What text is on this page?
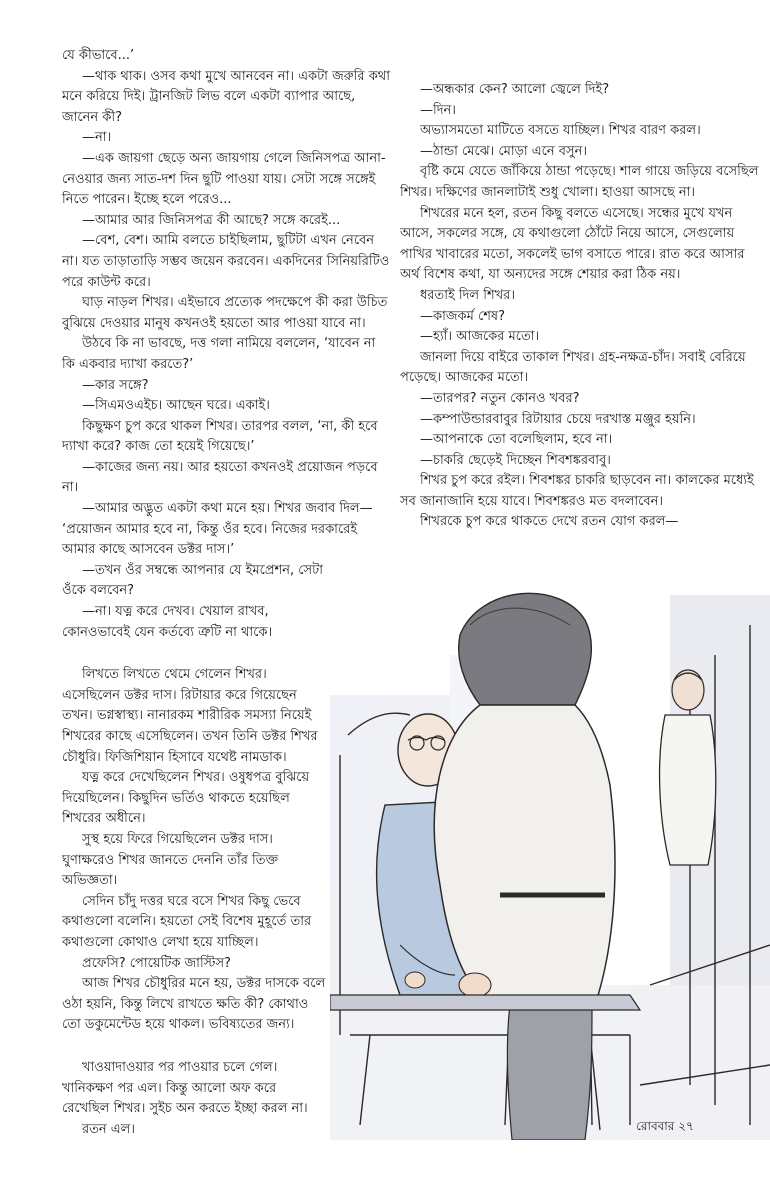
যে কীভাবে...’

—থাক থাক। ওসব কথা মুখে আনবেন না। একটা জরুরি কথা মনে করিয়ে দিই। ট্রানজিট লিভ বলে একটা ব্যাপার আছে, জানেন কী?

—না।

—এক জায়গা ছেড়ে অন্য জায়গায় গেলে জিনিসপত্র আনা-নেওয়ার জন্য সাত-দশ দিন ছুটি পাওয়া যায়। সেটা সঙ্গে সঙ্গেই নিতে পারেন। ইচ্ছে হলে পরেও...

—আমার আর জিনিসপত্র কী আছে? সঙ্গে করেই...

—বেশ, বেশ। আমি বলতে চাইছিলাম, ছুটিটা এখন নেবেন না। যত তাড়াতাড়ি সম্ভব জয়েন করবেন। একদিনের সিনিয়রিটিও পরে কাউন্ট করে।

ঘাড় নাড়ল শিখর। এইভাবে প্রত্যেক পদক্ষেপে কী করা উচিত বুঝিয়ে দেওয়ার মানুষ কখনওই হয়তো আর পাওয়া যাবে না।

উঠবে কি না ভাবছে, দত্ত গলা নামিয়ে বললেন, ‘যাবেন না কি একবার দ্যাখা করতে?’

—কার সঙ্গে?

—সিএমওএইচ। আছেন ঘরে। একাই।

কিছুক্ষণ চুপ করে থাকল শিখর। তারপর বলল, ‘না, কী হবে দ্যাখা করে? কাজ তো হয়েই গিয়েছে।’

—কাজের জন্য নয়। আর হয়তো কখনওই প্রয়োজন পড়বে না।

—আমার অদ্ভুত একটা কথা মনে হয়। শিখর জবাব দিল— ‘প্রয়োজন আমার হবে না, কিন্তু ওঁর হবে। নিজের দরকারেই আমার কাছে আসবেন ডক্টর দাস।’

—তখন ওঁর সম্বন্ধে আপনার যে ইমপ্রেশন, সেটা ওঁকে বলবেন?

—না। যত্ন করে দেখব। খেয়াল রাখব, কোনওভাবেই যেন কর্তব্যে ত্রুটি না থাকে।

লিখতে লিখতে থেমে গেলেন শিখর। এসেছিলেন ডক্টর দাস। রিটায়ার করে গিয়েছেন তখন। ভগ্নস্বাস্থ্য। নানারকম শারীরিক সমস্যা নিয়েই শিখরের কাছে এসেছিলেন। তখন তিনি ডক্টর শিখর চৌধুরি। ফিজিশিয়ান হিসাবে যথেষ্ট নামডাক।

যত্ন করে দেখেছিলেন শিখর। ওষুধপত্র বুঝিয়ে দিয়েছিলেন। কিছুদিন ভর্তিও থাকতে হয়েছিল শিখরের অধীনে।

সুস্থ হয়ে ফিরে গিয়েছিলেন ডক্টর দাস। ঘুণাক্ষরেও শিখর জানতে দেননি তাঁর তিক্ত অভিজ্ঞতা।

সেদিন চাঁদু দত্তর ঘরে বসে শিখর কিছু ভেবে কথাগুলো বলেনি। হয়তো সেই বিশেষ মুহূর্তে তার কথাগুলো কোথাও লেখা হয়ে যাচ্ছিল।

প্রফেসি? পোয়েটিক জাস্টিস?

আজ শিখর চৌধুরির মনে হয়, ডক্টর দাসকে বলে ওঠা হয়নি, কিন্তু লিখে রাখতে ক্ষতি কী? কোথাও তো ডকুমেন্টেড হয়ে থাকল। ভবিষ্যতের জন্য।

খাওয়াদাওয়ার পর পাওয়ার চলে গেল। খানিকক্ষণ পর এল। কিন্তু আলো অফ করে রেখেছিল শিখর। সুইচ অন করতে ইচ্ছা করল না।

রতন এল।

—অন্ধকার কেন? আলো জ্বেলে দিই?

—দিন।

অভ্যাসমতো মাটিতে বসতে যাচ্ছিল। শিখর বারণ করল।

—ঠান্ডা মেঝে। মোড়া এনে বসুন।

বৃষ্টি কমে যেতে জাঁকিয়ে ঠান্ডা পড়েছে। শাল গায়ে জড়িয়ে বসেছিল শিখর। দক্ষিণের জানলাটাই শুধু খোলা। হাওয়া আসছে না।

শিখরের মনে হল, রতন কিছু বলতে এসেছে। সন্ধের মুখে যখন আসে, সকলের সঙ্গে, যে কথাগুলো ঠোঁটে নিয়ে আসে, সেগুলোয় পাখির খাবারের মতো, সকলেই ভাগ বসাতে পারে। রাত করে আসার অর্থ বিশেষ কথা, যা অন্যদের সঙ্গে শেয়ার করা ঠিক নয়।

ধরতাই দিল শিখর।

—কাজকর্ম শেষ?

—হ্যাঁ। আজকের মতো।

জানলা দিয়ে বাইরে তাকাল শিখর। গ্রহ-নক্ষত্র-চাঁদ। সবাই বেরিয়ে পড়েছে। আজকের মতো।

—তারপর? নতুন কোনও খবর?

—কম্পাউন্ডারবাবুর রিটায়ার চেয়ে দরখাস্ত মঞ্জুর হয়নি।

—আপনাকে তো বলেছিলাম, হবে না।

—চাকরি ছেড়েই দিচ্ছেন শিবশঙ্করবাবু।

শিখর চুপ করে রইল। শিবশঙ্কর চাকরি ছাড়বেন না। কালকের মধ্যেই সব জানাজানি হয়ে যাবে। শিবশঙ্করও মত বদলাবেন।

শিখরকে চুপ করে থাকতে দেখে রতন যোগ করল—

রোববার ২৭
